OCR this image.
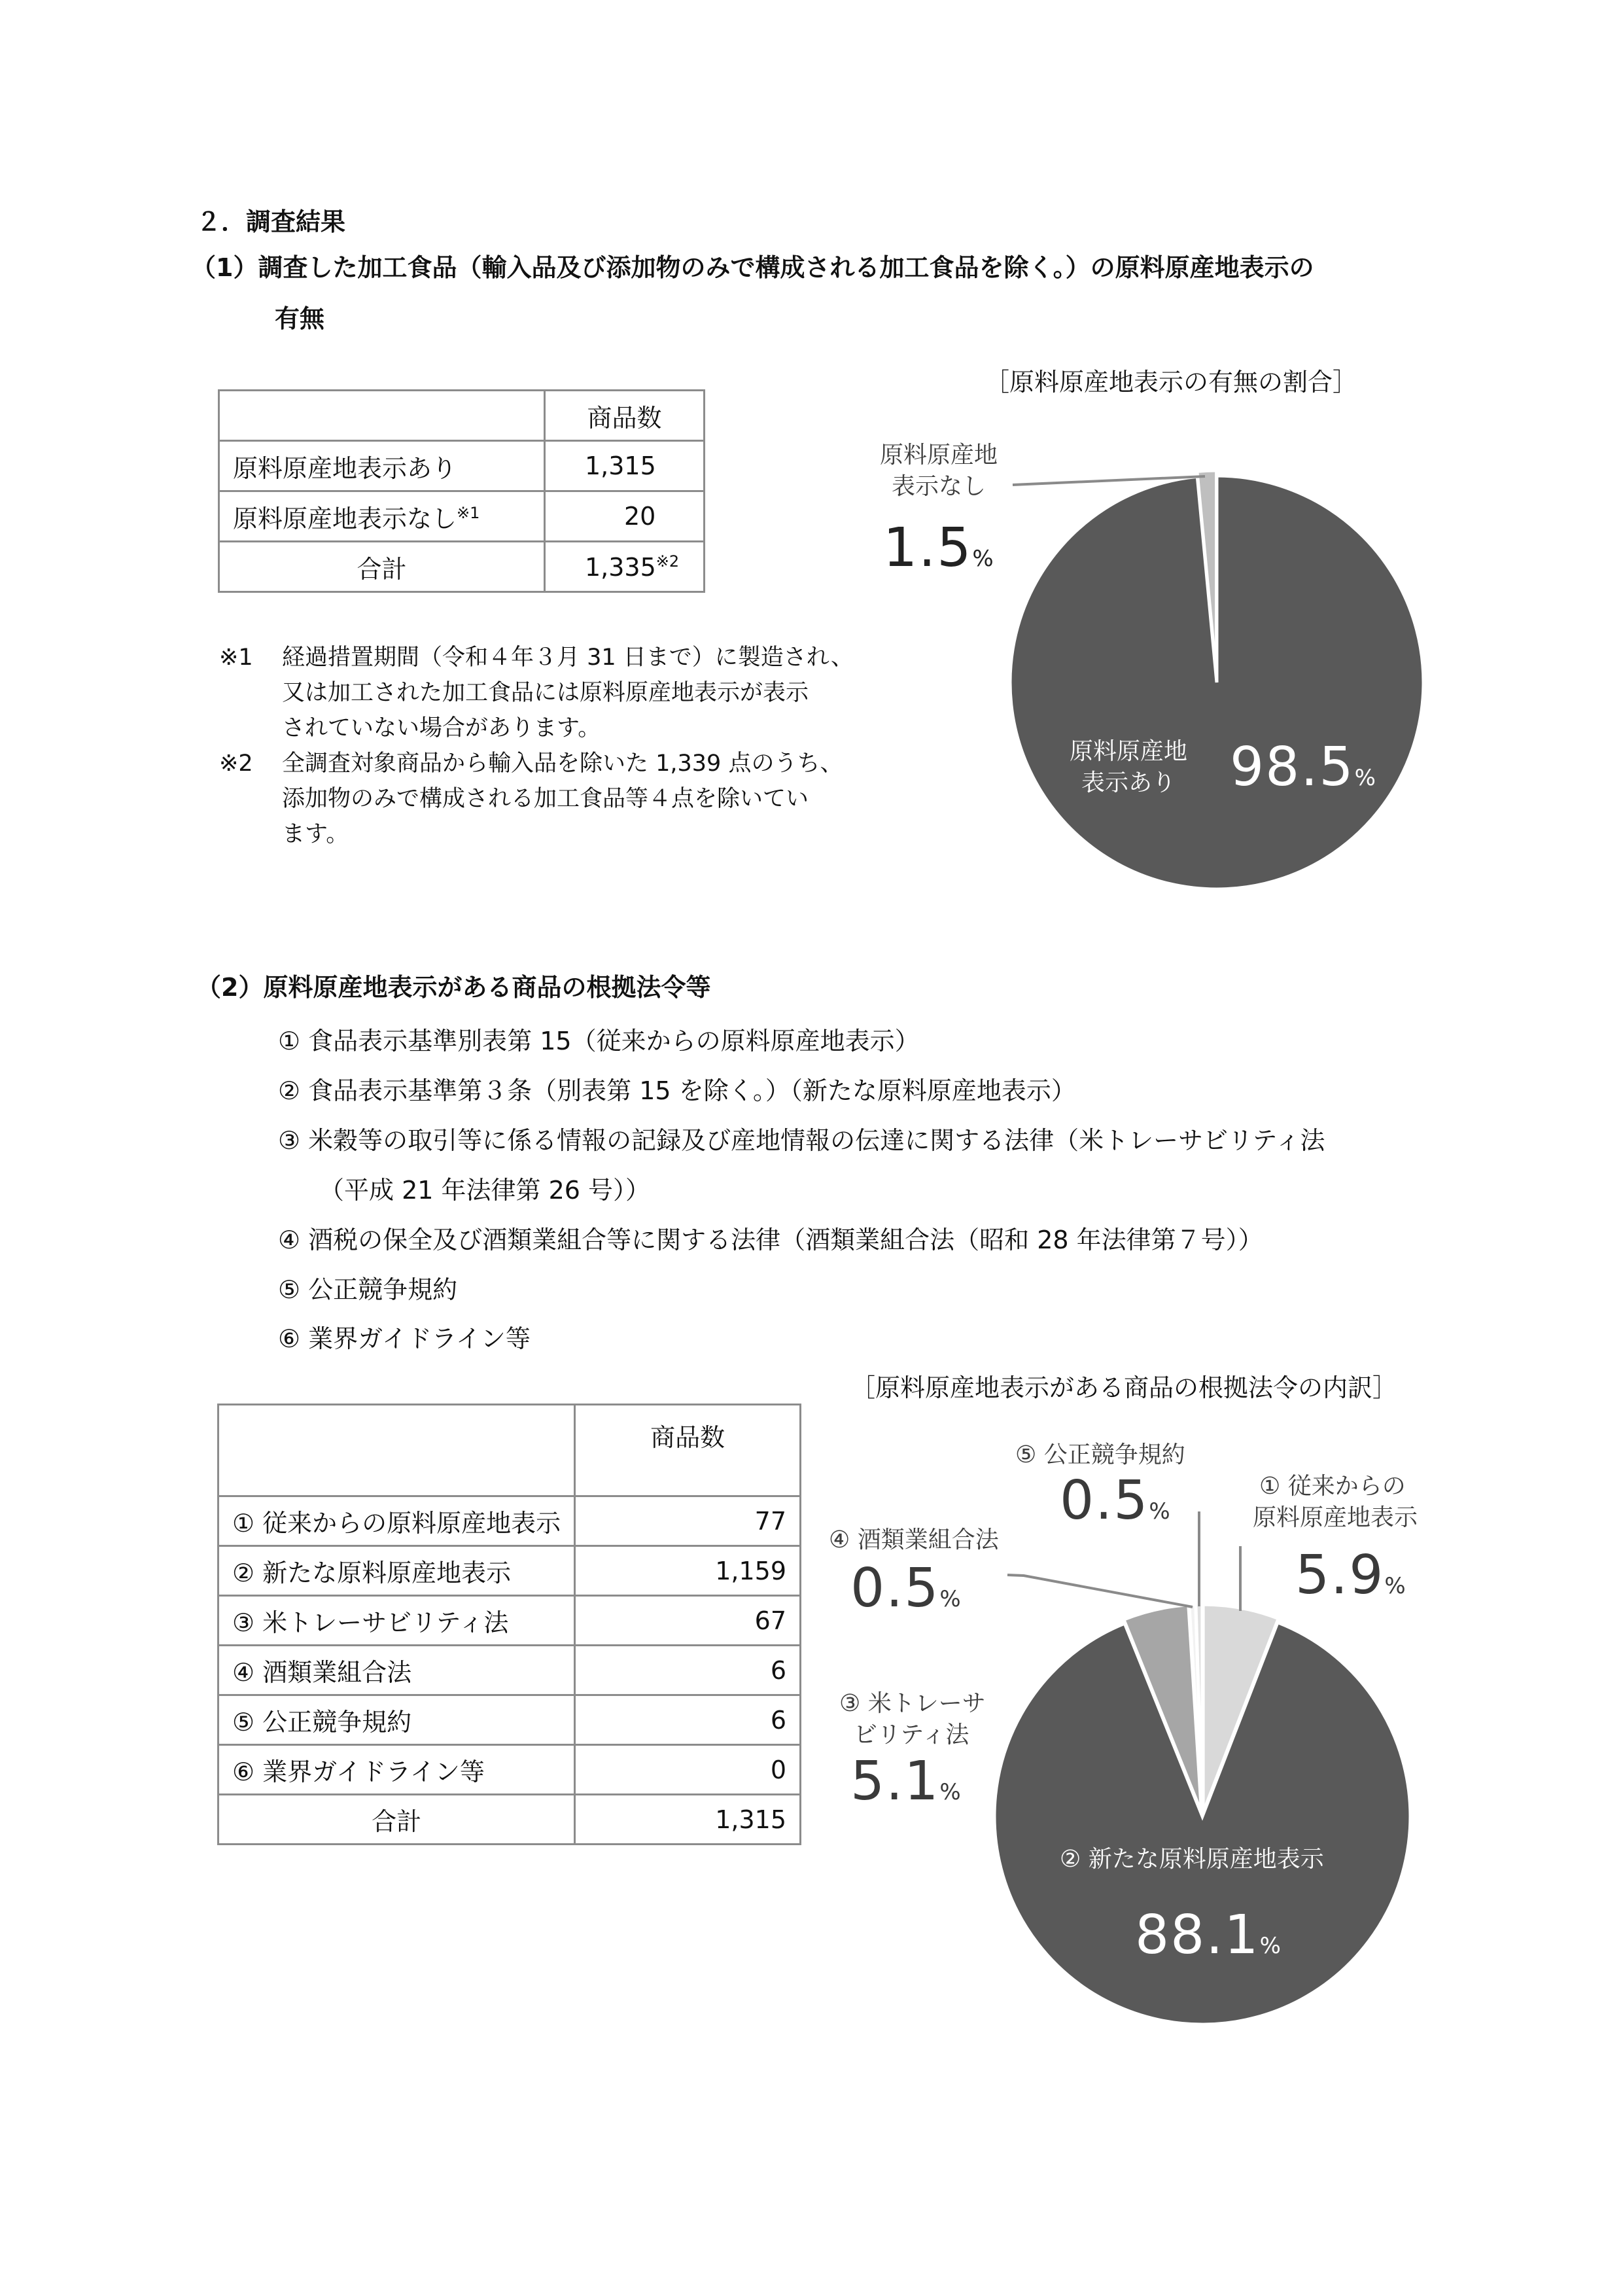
２．調査結果
（1）調査した加工食品（輸入品及び添加物のみで構成される加工食品を除く。）の原料原産地表示の
有無
	商品数
原料原産地表示あり	1,315
原料原産地表示なし$^{※1}$	20
合計	1,335$^{※2}$
※1 経過措置期間（令和４年３月 31 日まで）に製造され、
又は加工された加工食品には原料原産地表示が表示
されていない場合があります。
※2 全調査対象商品から輸入品を除いた 1,339 点のうち、
添加物のみで構成される加工食品等４点を除いてい
ます。
［原料原産地表示の有無の割合］
原料原産地
表示なし
1.5%
原料原産地
表示あり 98.5%
（2）原料原産地表示がある商品の根拠法令等
① 食品表示基準別表第 15（従来からの原料原産地表示）
② 食品表示基準第３条（別表第 15 を除く。）（新たな原料原産地表示）
③ 米穀等の取引等に係る情報の記録及び産地情報の伝達に関する法律（米トレーサビリティ法
（平成 21 年法律第 26 号））
④ 酒税の保全及び酒類業組合等に関する法律（酒類業組合法（昭和 28 年法律第７号））
⑤ 公正競争規約
⑥ 業界ガイドライン等
	商品数
① 従来からの原料原産地表示	77
② 新たな原料原産地表示	1,159
③ 米トレーサビリティ法	67
④ 酒類業組合法	6
⑤ 公正競争規約	6
⑥ 業界ガイドライン等	0
合計	1,315
［原料原産地表示がある商品の根拠法令の内訳］
⑤ 公正競争規約
0.5%
④ 酒類業組合法
0.5%
① 従来からの
原料原産地表示
5.9%
③ 米トレーサ
ビリティ法
5.1%
② 新たな原料原産地表示
88.1%
